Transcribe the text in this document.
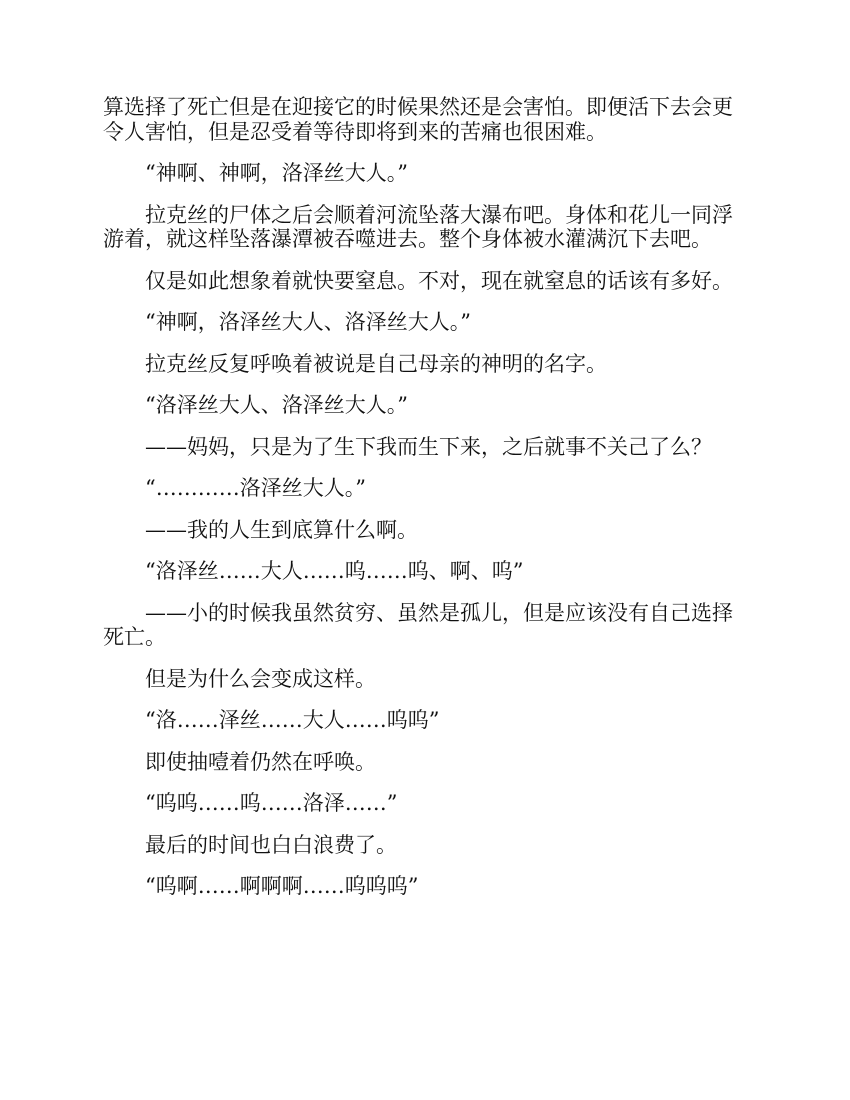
算选择了死亡但是在迎接它的时候果然还是会害怕。即便活下去会更令人害怕，但是忍受着等待即将到来的苦痛也很困难。

“神啊、神啊，洛泽丝大人。”

拉克丝的尸体之后会顺着河流坠落大瀑布吧。身体和花儿一同浮游着，就这样坠落瀑潭被吞噬进去。整个身体被水灌满沉下去吧。

仅是如此想象着就快要窒息。不对，现在就窒息的话该有多好。

“神啊，洛泽丝大人、洛泽丝大人。”

拉克丝反复呼唤着被说是自己母亲的神明的名字。

“洛泽丝大人、洛泽丝大人。”

——妈妈，只是为了生下我而生下来，之后就事不关己了么？

“…………洛泽丝大人。”

——我的人生到底算什么啊。

“洛泽丝……大人……呜……呜、啊、呜”

——小的时候我虽然贫穷、虽然是孤儿，但是应该没有自己选择死亡。

但是为什么会变成这样。

“洛……泽丝……大人……呜呜”

即使抽噎着仍然在呼唤。

“呜呜……呜……洛泽……”

最后的时间也白白浪费了。

“呜啊……啊啊啊……呜呜呜”
